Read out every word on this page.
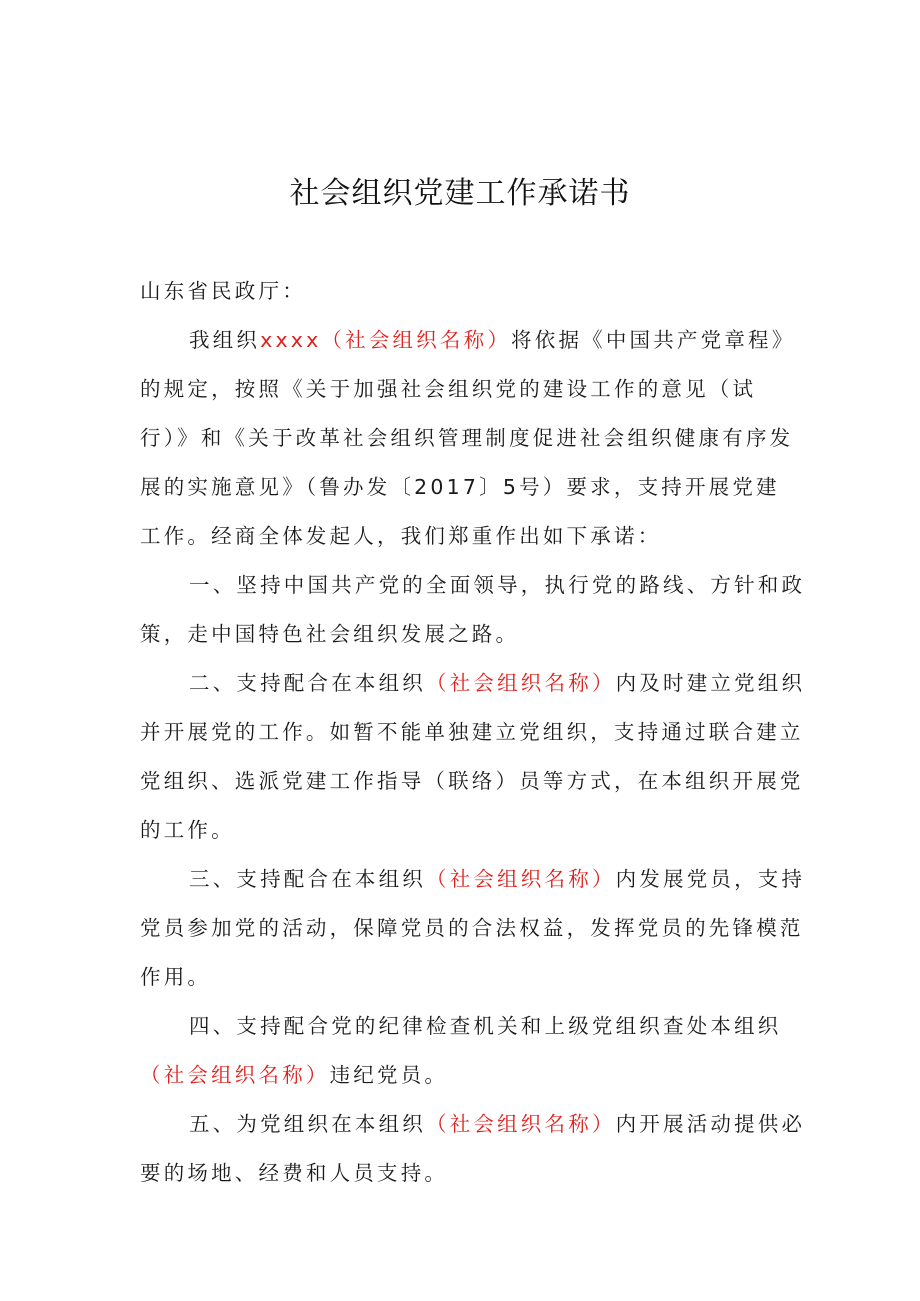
社会组织党建工作承诺书
山东省民政厅：
我组织xxxx（社会组织名称）将依据《中国共产党章程》
的规定，按照《关于加强社会组织党的建设工作的意见（试
行）》和《关于改革社会组织管理制度促进社会组织健康有序发
展的实施意见》（鲁办发〔2017〕5号）要求，支持开展党建
工作。经商全体发起人，我们郑重作出如下承诺：
一、坚持中国共产党的全面领导，执行党的路线、方针和政
策，走中国特色社会组织发展之路。
二、支持配合在本组织（社会组织名称）内及时建立党组织
并开展党的工作。如暂不能单独建立党组织，支持通过联合建立
党组织、选派党建工作指导（联络）员等方式，在本组织开展党
的工作。
三、支持配合在本组织（社会组织名称）内发展党员，支持
党员参加党的活动，保障党员的合法权益，发挥党员的先锋模范
作用。
四、支持配合党的纪律检查机关和上级党组织查处本组织
（社会组织名称）违纪党员。
五、为党组织在本组织（社会组织名称）内开展活动提供必
要的场地、经费和人员支持。
